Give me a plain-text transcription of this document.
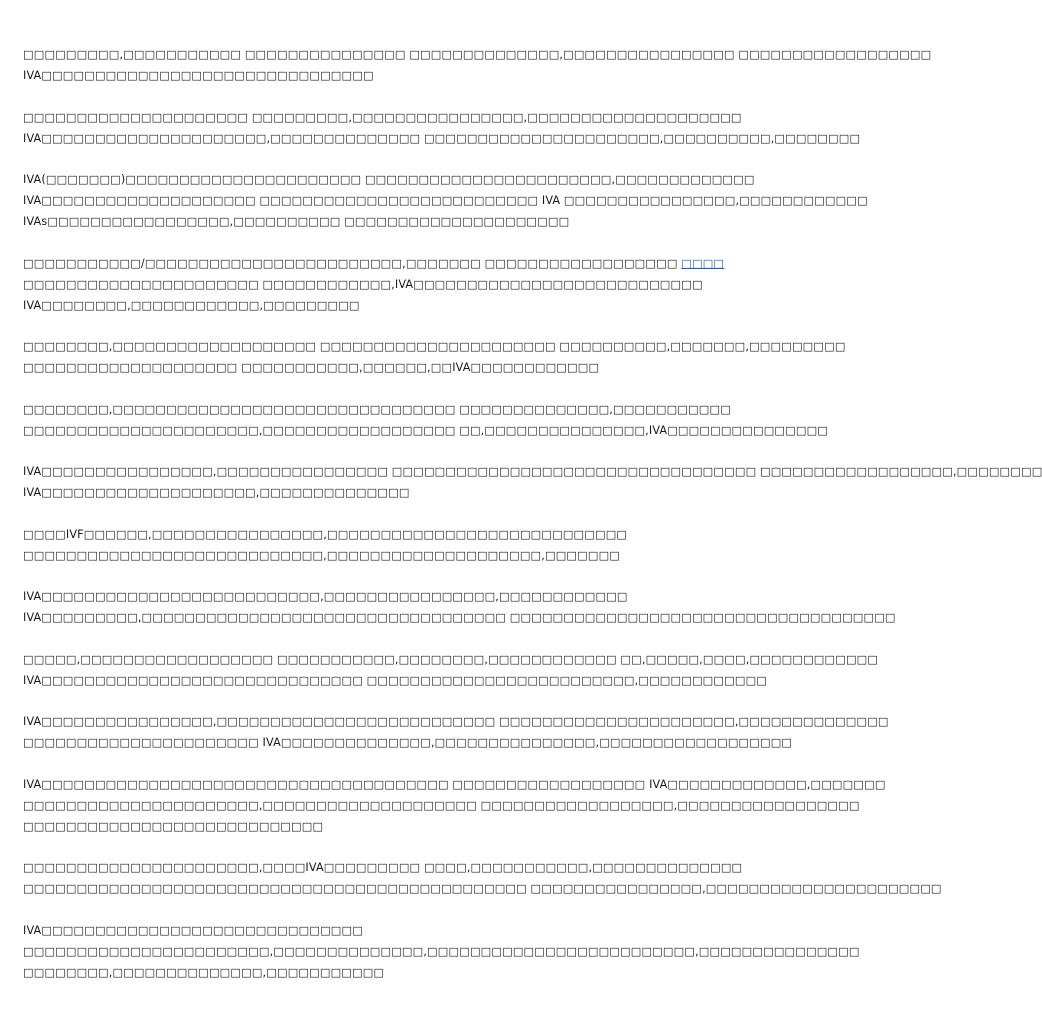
□□□□□□□□□,□□□□□□□□□□□ □□□□□□□□□□□□□□□ □□□□□□□□□□□□□□,□□□□□□□□□□□□□□□□ □□□□□□□□□□□□□□□□□□
IVA□□□□□□□□□□□□□□□□□□□□□□□□□□□□□□□

□□□□□□□□□□□□□□□□□□□□□ □□□□□□□□□,□□□□□□□□□□□□□□□□,□□□□□□□□□□□□□□□□□□□□
IVA□□□□□□□□□□□□□□□□□□□□□,□□□□□□□□□□□□□□ □□□□□□□□□□□□□□□□□□□□□□,□□□□□□□□□□,□□□□□□□□

IVA(□□□□□□□)□□□□□□□□□□□□□□□□□□□□□□ □□□□□□□□□□□□□□□□□□□□□□□,□□□□□□□□□□□□□
IVA□□□□□□□□□□□□□□□□□□□□ □□□□□□□□□□□□□□□□□□□□□□□□□□ IVA □□□□□□□□□□□□□□□□,□□□□□□□□□□□□
IVAs□□□□□□□□□□□□□□□□□,□□□□□□□□□□ □□□□□□□□□□□□□□□□□□□□□

□□□□□□□□□□□/□□□□□□□□□□□□□□□□□□□□□□□□,□□□□□□□ □□□□□□□□□□□□□□□□□□ □□□□
□□□□□□□□□□□□□□□□□□□□□□ □□□□□□□□□□□□,IVA□□□□□□□□□□□□□□□□□□□□□□□□□□□
IVA□□□□□□□□,□□□□□□□□□□□□,□□□□□□□□□

□□□□□□□□,□□□□□□□□□□□□□□□□□□□ □□□□□□□□□□□□□□□□□□□□□□ □□□□□□□□□□,□□□□□□□,□□□□□□□□□
□□□□□□□□□□□□□□□□□□□□ □□□□□□□□□□□,□□□□□□,□□IVA□□□□□□□□□□□□

□□□□□□□□,□□□□□□□□□□□□□□□□□□□□□□□□□□□□□□□□ □□□□□□□□□□□□□□,□□□□□□□□□□□
□□□□□□□□□□□□□□□□□□□□□□,□□□□□□□□□□□□□□□□□□ □□,□□□□□□□□□□□□□□□,IVA□□□□□□□□□□□□□□□

IVA□□□□□□□□□□□□□□□□,□□□□□□□□□□□□□□□□ □□□□□□□□□□□□□□□□□□□□□□□□□□□□□□□□□□ □□□□□□□□□□□□□□□□□□,□□□□□□□□
IVA□□□□□□□□□□□□□□□□□□□□,□□□□□□□□□□□□□□

□□□□IVF□□□□□□,□□□□□□□□□□□□□□□□,□□□□□□□□□□□□□□□□□□□□□□□□□□□□
□□□□□□□□□□□□□□□□□□□□□□□□□□□□,□□□□□□□□□□□□□□□□□□□□,□□□□□□□

IVA□□□□□□□□□□□□□□□□□□□□□□□□□□,□□□□□□□□□□□□□□□□,□□□□□□□□□□□□
IVA□□□□□□□□□,□□□□□□□□□□□□□□□□□□□□□□□□□□□□□□□□□□ □□□□□□□□□□□□□□□□□□□□□□□□□□□□□□□□□□□□

□□□□□,□□□□□□□□□□□□□□□□□□ □□□□□□□□□□□,□□□□□□□□,□□□□□□□□□□□□ □□,□□□□□,□□□□,□□□□□□□□□□□□
IVA□□□□□□□□□□□□□□□□□□□□□□□□□□□□□□ □□□□□□□□□□□□□□□□□□□□□□□□□,□□□□□□□□□□□□

IVA□□□□□□□□□□□□□□□□,□□□□□□□□□□□□□□□□□□□□□□□□□□ □□□□□□□□□□□□□□□□□□□□□□,□□□□□□□□□□□□□□
□□□□□□□□□□□□□□□□□□□□□□ IVA□□□□□□□□□□□□□□,□□□□□□□□□□□□□□□,□□□□□□□□□□□□□□□□□□

IVA□□□□□□□□□□□□□□□□□□□□□□□□□□□□□□□□□□□□□□ □□□□□□□□□□□□□□□□□□ IVA□□□□□□□□□□□□□,□□□□□□□
□□□□□□□□□□□□□□□□□□□□□□,□□□□□□□□□□□□□□□□□□□□ □□□□□□□□□□□□□□□□□□,□□□□□□□□□□□□□□□□□
□□□□□□□□□□□□□□□□□□□□□□□□□□□□

□□□□□□□□□□□□□□□□□□□□□□,□□□□IVA□□□□□□□□□ □□□□,□□□□□□□□□□□,□□□□□□□□□□□□□□
□□□□□□□□□□□□□□□□□□□□□□□□□□□□□□□□□□□□□□□□□□□□□□□ □□□□□□□□□□□□□□□□,□□□□□□□□□□□□□□□□□□□□□□

IVA□□□□□□□□□□□□□□□□□□□□□□□□□□□□□□
□□□□□□□□□□□□□□□□□□□□□□□,□□□□□□□□□□□□□□,□□□□□□□□□□□□□□□□□□□□□□□□□,□□□□□□□□□□□□□□□
□□□□□□□□,□□□□□□□□□□□□□□,□□□□□□□□□□□
